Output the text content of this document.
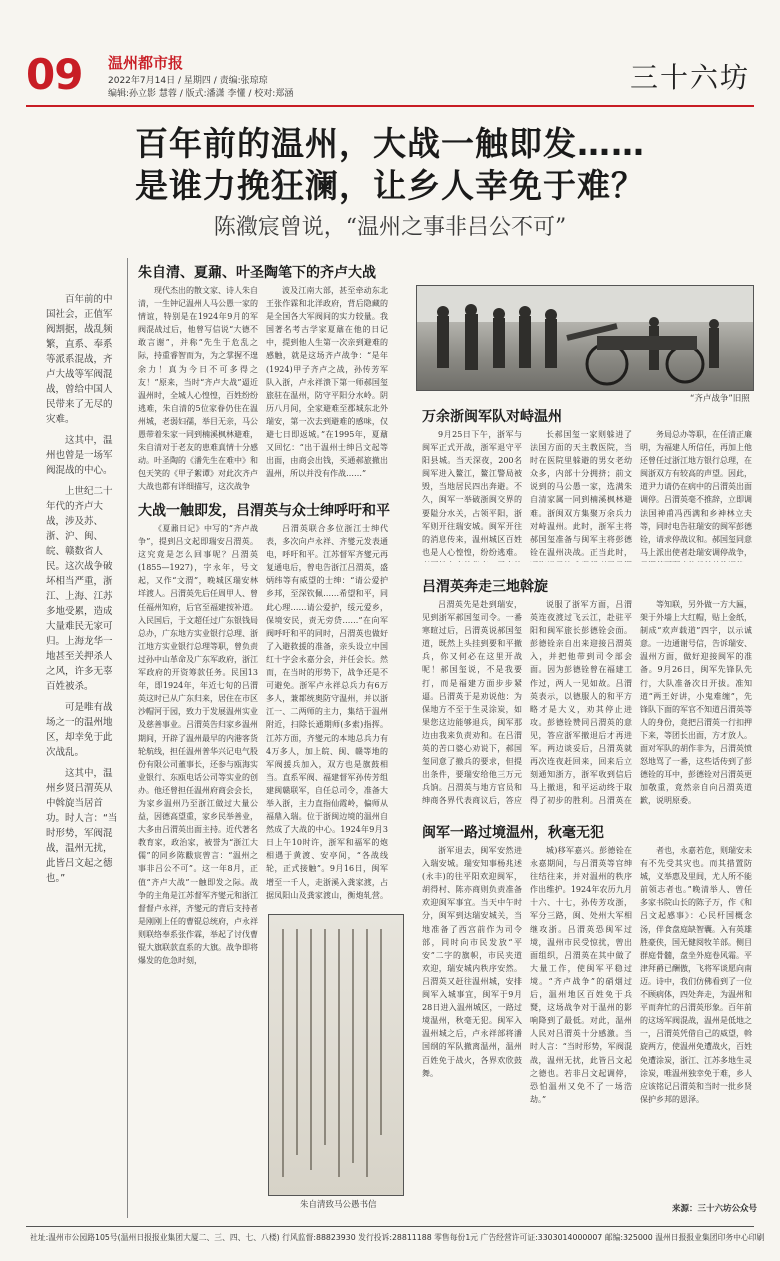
09 温州都市报
2022年7月14日 / 星期四 / 责编:张琼琼
编辑:孙立影 慧蓉 / 版式:潘潇 李懂 / 校对:郑涵	三十六坊
百年前的温州，大战一触即发……
是谁力挽狂澜，让乡人幸免于难？
陈瀓宸曾说，“温州之事非吕公不可”

百年前的中国社会，正值军阀割据，战乱频繁，直系、奉系等派系混战，齐卢大战等军阀混战，曾给中国人民带来了无尽的灾难。

这其中，温州也曾是一场军阀混战的中心。

上世纪二十年代的齐卢大战，涉及苏、浙、沪、闽、皖、赣数省人民。这次战争破坏相当严重，浙江、上海、江苏多地受累，造成大量难民无家可归。上海龙华一地甚至关押杀人之风，许多无辜百姓被杀。

可是唯有战场之一的温州地区，却幸免于此次战乱。

这其中，温州乡贤吕渭英从中斡旋当居首功。时人言：“当时形势，军阀混战，温州无扰，此皆吕文起之德也。”

朱自清、夏鼐、叶圣陶笔下的齐卢大战

现代杰出的散文家、诗人朱自清，一生钟记温州人马公愚一家的情谊，特别是在1924年9月的军阀混战过后，他曾写信说“大德不敢言谢”，并称“先生于危乱之际，持重睿智而为，为之掌握不遑余力！真为今日不可多得之友！”原来，当时“齐卢大战”逼近温州时，全城人心惶惶，百姓纷纷逃难，朱自清的5位家眷仍住在温州城，老弱妇孺，举目无亲，马公愚带着朱家一同到楠溪枫林避难，朱自清对于老友的患难真情十分感动。叶圣陶的《潘先生在难中》和包天笑的《甲子絮谭》对此次齐卢大战也都有详细描写，这次战争

波及江南大部，甚至牵动东北王张作霖和北洋政府，背后隐藏的是全国各大军阀间的实力较量。我国著名考古学家夏鼐在他的日记中，提到他人生第一次亲到避难的感触，就是这场齐卢战争：“是年(1924)甲子齐卢之战，孙传芳军队入浙，卢永祥溃下第一师郝国玺旅驻在温州，防守平阳分水岭。阴历八月间，全家避难至郡城东北外瑞安，第一次去到避难的感味，仅避七日即返城。”在1995年，夏鼐又回忆：“出于温州士绅吕文起等出面，由商会出钱，买通郝旅撤出温州，所以并没有作战……”

“齐卢战争”旧照
万余浙闽军队对峙温州

9月25日下午，浙军与闽军正式开战，浙军退守平阳县城。当天深夜，200名闽军进入鳌江，鳌江警局被毁，当地居民四出奔避。不久，闽军一举破浙闽交界的要隘分水关，占领平阳，浙军则开往瑞安城。闽军开往的消息传来，温州城区百姓也是人心惶惶，纷纷逃难。

长郝国玺一家则躲进了法国方面的天主教医院，当时在医院里躲避的男女老幼众多，内部十分拥挤；前文说到的马公愚一家，选满朱自清家属一同到楠溪枫林避难。浙闽双方集聚万余兵力对峙温州。此时，浙军主将郝国玺准备与闽军主将彭德铨在温州决战。正当此时，

务局总办等职，在任清正廉明，为福建人所信任，再加上他还曾任过浙江地方银行总理，在闽浙双方有较高的声望。因此，道尹力请仍在病中的吕渭英出面调停。吕渭英毫不推辞，立即调法国神甫冯西满和乡神林立夫等，同时电告驻瑞安的闽军彭德铨，请求停战议和。郝国玺同意马上派出使者赴瑞安调停战争，

大战一触即发，吕渭英与众士绅呼吁和平

《夏鼐日记》中写的“齐卢战争”，提到吕文起即瑞安吕渭英。这究竟是怎么回事呢？吕渭英(1855—1927)，字永年，号文起，又作“文渭”，晚城区瑞安林垟渡人。吕渭英先后任周甲人、曾任福州知府，后官至福建按补道。入民国后，于文超任过广东银钱局总办，广东地方实业银行总理、浙江地方实业银行总理等职，曾负责过孙中山革命及广东军政府，浙江军政府的开资筹款任务。民国13年，即1924年，年近七旬的吕渭英这时已从广东归来，居住在市区沙帽河于园，致力于发展温州实业及慈善事业。吕渭英告归家乡温州期间，开辟了温州最早的内港客货轮航线，担任温州普华兴记电气股份有限公司董事长，还参与瓯海实业银行、东瓯电话公司等实业的创办。他还曾担任温州府商会会长，为家乡温州乃至浙江做过大量公益，因德高望重，家乡民举善业，大多由吕渭英出面主持。近代著名教育家，政治家，被誉为“浙江大儒”的同乡陈黻宸曾言：“温州之事非吕公不可”。这一年8月，正值“齐卢大战”一触即发之际。战争的主角是江苏督军齐燮元和浙江督督卢永祥，齐燮元的背后支持者是刚刚上任的曹锟总统府，卢永祥则联络奉系张作霖，举起了讨伐曹锟大旗联款直系的大旗。战争即将爆发的危急时刻，

吕渭英联合多位浙江士绅代表，多次向卢永祥、齐燮元发表通电，呼吁和平。江苏督军齐燮元再复通电后，曾电告浙江吕渭英，盛炳纬等有威望的士绅：“请公爱护乡邦，至深钦佩……希望和平，同此心理……请公爱护，绥元爱乡，保境安民，责无旁贷……”在向军阀呼吁和平的同时，吕渭英也做好了入避救援的准备，亲头设立中国红十字会永嘉分会，并任会长。然而，在当时的形势下，战争还是不可避免。浙军卢永祥总兵力有6万多人，兼都统奥防守温州，并以浙江一、二两师的主力，集结于温州附近，扫除长通期师(多索)指挥。江苏方面，齐燮元的本地总兵力有4万多人，加上皖、闽、赣等地的军阀援兵加入，双方也是旗鼓相当。直系军阀、福建督军孙传芳组建闽赣联军，自任总司令，准备大举入浙，主力直指仙霞岭，偏师从福鼎入瑞。位于浙闽边境的温州自然成了大战的中心。1924年9月3日上午10时许，浙军和福军的炮相遇于黄渡、安亭间，“各战线轮，正式接触”。9月16日，闽军增至一千人，走浙溪入龚家渡，占据凤阳山及龚家渡山，衡炮轧营。

吕渭英奔走三地斡旋

吕渭英先是赴到瑞安，见到浙军郝国玺司令。一番寒暄过后，吕渭英说郝国玺道，既然上头挂到要和平撤兵，你又何必在这里开战呢！郝国玺说，不是我要打，而是福建方面步步紧逼。吕渭英于是劝说他：为保地方不至于生灵涂炭，如果您这边能够退兵，闽军那边由我来负责劝和。在吕渭英的苦口婆心劝说下，郝国玺同意了撤兵的要求，但提出条件，要瑞安给他三万元兵饷。吕渭英与地方官员和绅商各界代表商议后，答应

说服了浙军方面，吕渭英连夜渡过飞云江，赴驻平阳和闽军旅长彭德铨会面。彭德铨亲自出来迎接吕渭英入，并把他带到司令部会面。因为彭德铨曾在福建工作过，两人一见如故。吕渭英表示，以德服人的和平方略才是大义，劝其停止进攻。彭德铨赞同吕渭英的意见，答应浙军撤退后才再进军。两边谈妥后，吕渭英就再次连夜赶回来，回来后立刻通知浙方，浙军收到信后马上撤退，和平运动终于取得了初步的胜利。吕渭英在

等知联，另外做一方大匾，架于外墙上大红帽，贴上金纸，制成“欢声载道”四字，以示诚意。一边通谢号信，告诉瑞安、温州方面，做好迎接闽军的准备。9月26日，闽军先锋队先行，大队准备次日开拔。准知道“两王好讲，小鬼难缠”，先锋队下面的军官不知道吕渭英等人的身份，竟把吕渭英一行扣押下来，等团长出面，方才放人。面对军队的胡作非为，吕渭英愤怒地骂了一番，这些话传到了彭德铨的耳中，彭德铨对吕渭英更加敬重，竟然亲自向吕渭英道歉，说明原委。

闽军一路过境温州，秋毫无犯

浙军退去，闽军安然进入瑞安城。瑞安知事杨兆述(永丰)的往平阳欢迎闽军，胡得村、陈亦商则负责准备欢迎闽军事宜。当天中午时分，闽军到达瑞安城关，当地准备了西宫前作为司令部，同时向市民发放“平安”二字的旗帜，市民夹道欢迎，瑞安城内秩序安然。吕渭英又赶往温州城，安排闽军入城事宜，闽军于9月28日进入温州城区，一路过境温州，秋毫无犯。闽军入温州城之后，卢永祥部将潘国纲的军队撤离温州，温州百姓免于战火，各界欢欣鼓舞。

城)移军嘉兴。彭德铨在永嘉期间，与吕渭英等官绅往结往来，并对温州的秩序作出维护。1924年农历九月十六、十七，孙传芳攻浙，军分三路，闽、处州大军相继攻浙。吕渭英恐闽军过境，温州市民受惊扰，曾出面组织，吕渭英在其中做了大量工作，使闽军平稳过境。“齐卢战争”的硝烟过后，温州地区百姓免于兵燹，这场战争对于温州的影响降到了最低。对此，温州人民对吕渭英十分感激。当时人言：“当时形势，军阀混战，温州无扰，此皆吕文起之德也。若非吕文起调停，恐怕温州又免不了一场浩劫。”

者也，永嘉若危，则瑞安未有不先受其灾也。而其措置防城，义举惠及里闾，尤人所不能前领志者也。”晚清举人、曾任多家书院山长的陈子万，作《和吕文起感事》：心民杆国概念汤，伴食盘庭缺智囊。入有英雄胜豪侠，国无健阅牧羊部。侧目群庭骨髓，盘坐外庭卷风霜。平津拜爵已酬傲，飞将军谈愿向南迈。诗中，我们仿佛看到了一位不顾病体，四处奔走，为温州和平而奔忙的吕渭英形象。百年前的这场军阀混战，温州是低地之一，吕渭英凭借自己的威望，斡旋两方，使温州免遭战火，百姓免遭涂炭，浙江、江苏多地生灵涂炭，唯温州独幸免于难，乡人应该铭记吕渭英和当时一批乡贤保护乡邦的恩泽。

来源：三十六坊公众号
朱自清致马公愚书信
社址:温州市公园路105号(温州日报报业集团大厦二、三、四、七、八楼) 行风监督:88823930 发行投诉:28811188 零售每份1元 广告经营许可证:3303014000007 邮编:325000 温州日报报业集团印务中心印刷
